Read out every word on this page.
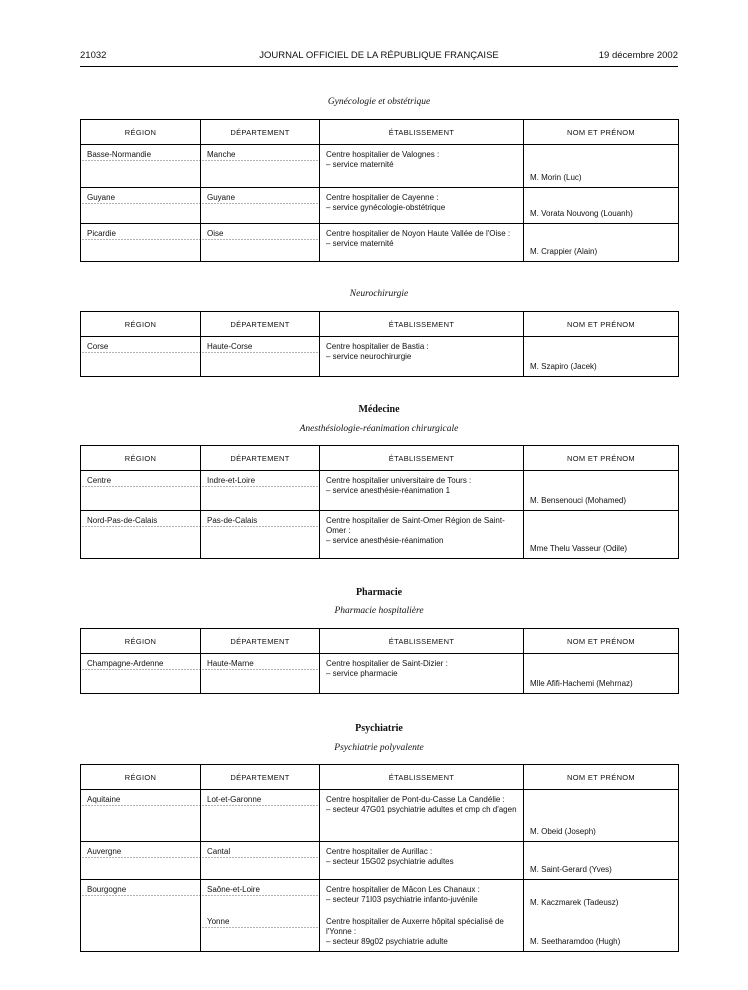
21032	JOURNAL OFFICIEL DE LA RÉPUBLIQUE FRANÇAISE	19 décembre 2002
Gynécologie et obstétrique
RÉGION	DÉPARTEMENT	ÉTABLISSEMENT	NOM ET PRÉNOM
Basse-Normandie	Manche	Centre hospitalier de Valognes :
– service maternité	M. Morin (Luc)
Guyane	Guyane	Centre hospitalier de Cayenne :
– service gynécologie-obstétrique	M. Vorata Nouvong (Louanh)
Picardie	Oise	Centre hospitalier de Noyon Haute Vallée de l'Oise :
– service maternité	M. Crappier (Alain)
Neurochirurgie
RÉGION	DÉPARTEMENT	ÉTABLISSEMENT	NOM ET PRÉNOM
Corse	Haute-Corse	Centre hospitalier de Bastia :
– service neurochirurgie	M. Szapiro (Jacek)
Médecine
Anesthésiologie-réanimation chirurgicale
RÉGION	DÉPARTEMENT	ÉTABLISSEMENT	NOM ET PRÉNOM
Centre	Indre-et-Loire	Centre hospitalier universitaire de Tours :
– service anesthésie-réanimation 1	M. Bensenouci (Mohamed)
Nord-Pas-de-Calais	Pas-de-Calais	Centre hospitalier de Saint-Omer Région de Saint-Omer :
– service anesthésie-réanimation	Mme Thelu Vasseur (Odile)
Pharmacie
Pharmacie hospitalière
RÉGION	DÉPARTEMENT	ÉTABLISSEMENT	NOM ET PRÉNOM
Champagne-Ardenne	Haute-Marne	Centre hospitalier de Saint-Dizier :
– service pharmacie	Mlle Afifi-Hachemi (Mehrnaz)
Psychiatrie
Psychiatrie polyvalente
RÉGION	DÉPARTEMENT	ÉTABLISSEMENT	NOM ET PRÉNOM
Aquitaine	Lot-et-Garonne	Centre hospitalier de Pont-du-Casse La Candélie :
– secteur 47G01 psychiatrie adultes et cmp ch d'agen	M. Obeid (Joseph)
Auvergne	Cantal	Centre hospitalier de Aurillac :
– secteur 15G02 psychiatrie adultes	M. Saint-Gerard (Yves)
Bourgogne	Saône-et-Loire	Centre hospitalier de Mâcon Les Chanaux :
– secteur 71I03 psychiatrie infanto-juvénile	M. Kaczmarek (Tadeusz)
	Yonne	Centre hospitalier de Auxerre hôpital spécialisé de l'Yonne :
– secteur 89g02 psychiatrie adulte	M. Seetharamdoo (Hugh)
